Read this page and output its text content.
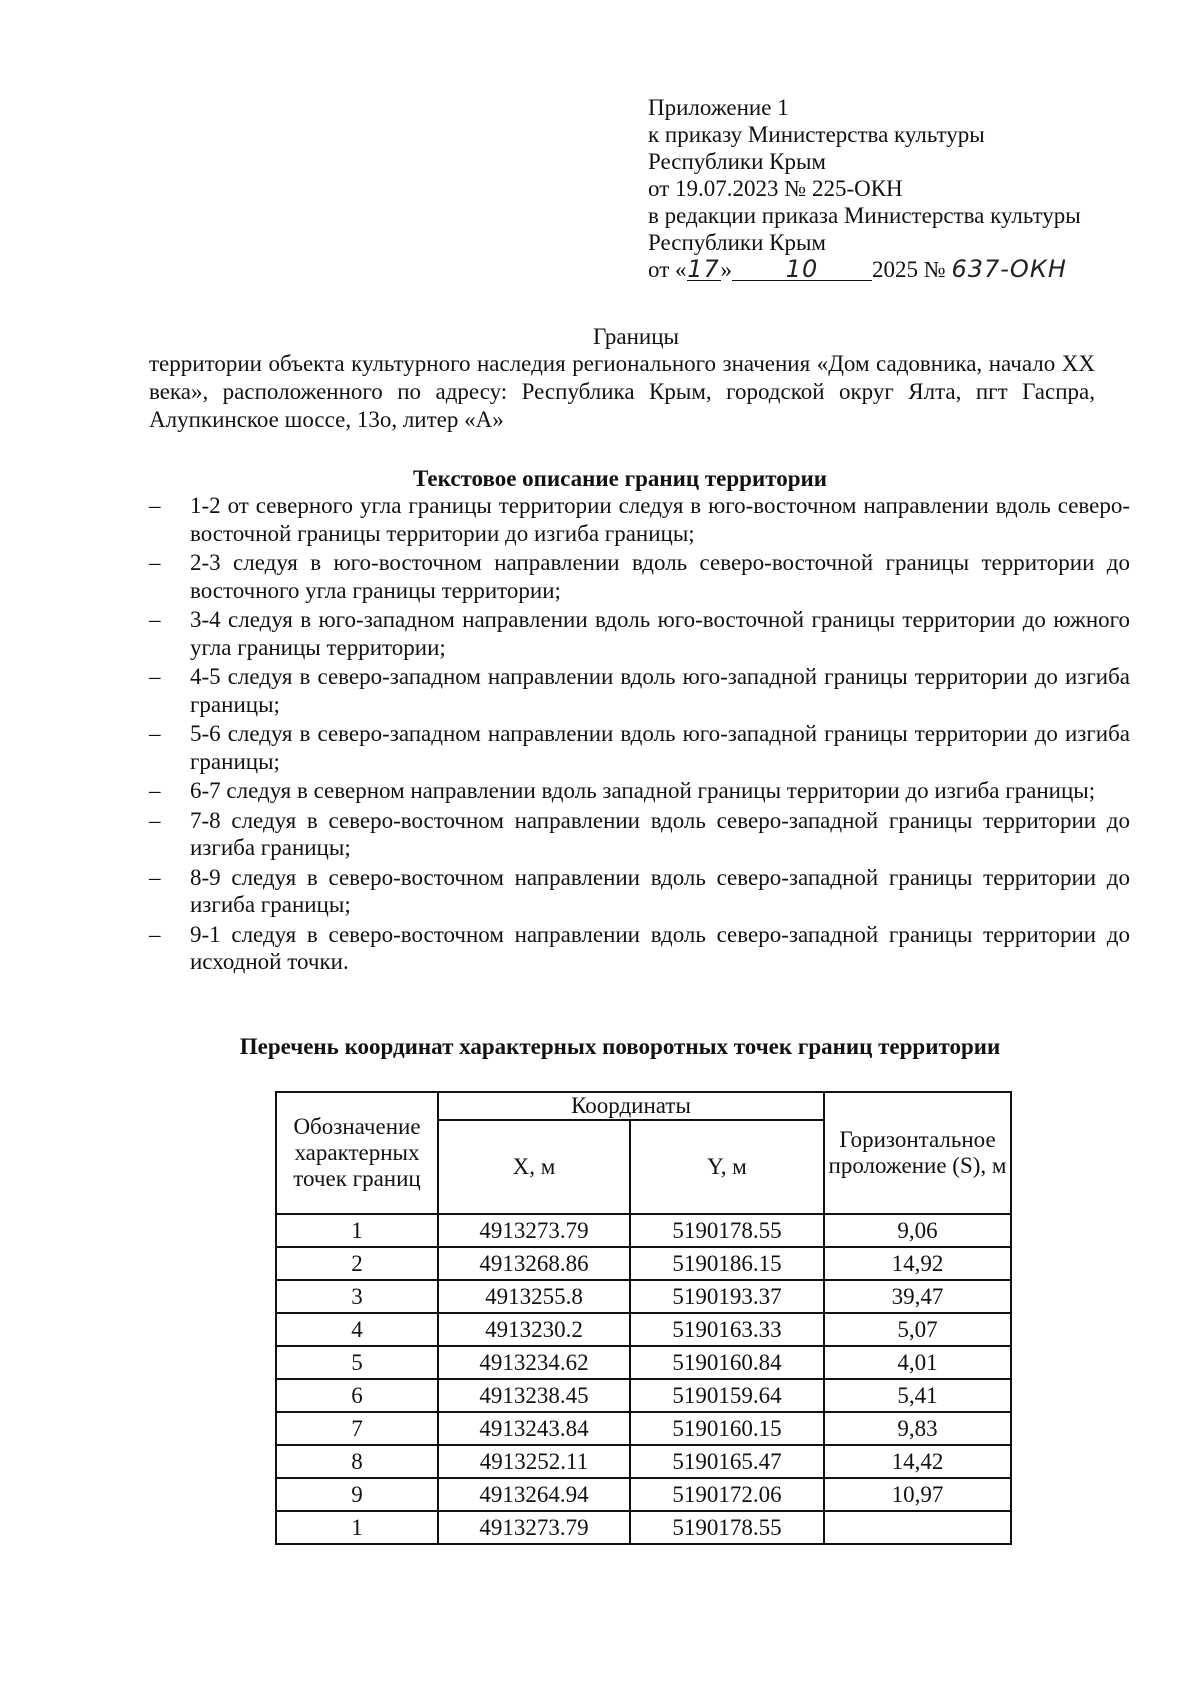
Приложение 1
к приказу Министерства культуры
Республики Крым
от 19.07.2023 № 225-ОКН
в редакции приказа Министерства культуры
Республики Крым
от «17» 10 2025 № 637-ОКН
Границы
территории объекта культурного наследия регионального значения «Дом садовника, начало XX века», расположенного по адресу: Республика Крым, городской округ Ялта, пгт Гаспра, Алупкинское шоссе, 13о, литер «А»
Текстовое описание границ территории
– 1-2 от северного угла границы территории следуя в юго-восточном направлении вдоль северо-восточной границы территории до изгиба границы;
– 2-3 следуя в юго-восточном направлении вдоль северо-восточной границы территории до восточного угла границы территории;
– 3-4 следуя в юго-западном направлении вдоль юго-восточной границы территории до южного угла границы территории;
– 4-5 следуя в северо-западном направлении вдоль юго-западной границы территории до изгиба границы;
– 5-6 следуя в северо-западном направлении вдоль юго-западной границы территории до изгиба границы;
– 6-7 следуя в северном направлении вдоль западной границы территории до изгиба границы;
– 7-8 следуя в северо-восточном направлении вдоль северо-западной границы территории до изгиба границы;
– 8-9 следуя в северо-восточном направлении вдоль северо-западной границы территории до изгиба границы;
– 9-1 следуя в северо-восточном направлении вдоль северо-западной границы территории до исходной точки.
Перечень координат характерных поворотных точек границ территории
Обозначение характерных точек границ	Координаты		Горизонтальное проложение (S), м
	X, м	Y, м	
1	4913273.79	5190178.55	9,06
2	4913268.86	5190186.15	14,92
3	4913255.8	5190193.37	39,47
4	4913230.2	5190163.33	5,07
5	4913234.62	5190160.84	4,01
6	4913238.45	5190159.64	5,41
7	4913243.84	5190160.15	9,83
8	4913252.11	5190165.47	14,42
9	4913264.94	5190172.06	10,97
1	4913273.79	5190178.55	
